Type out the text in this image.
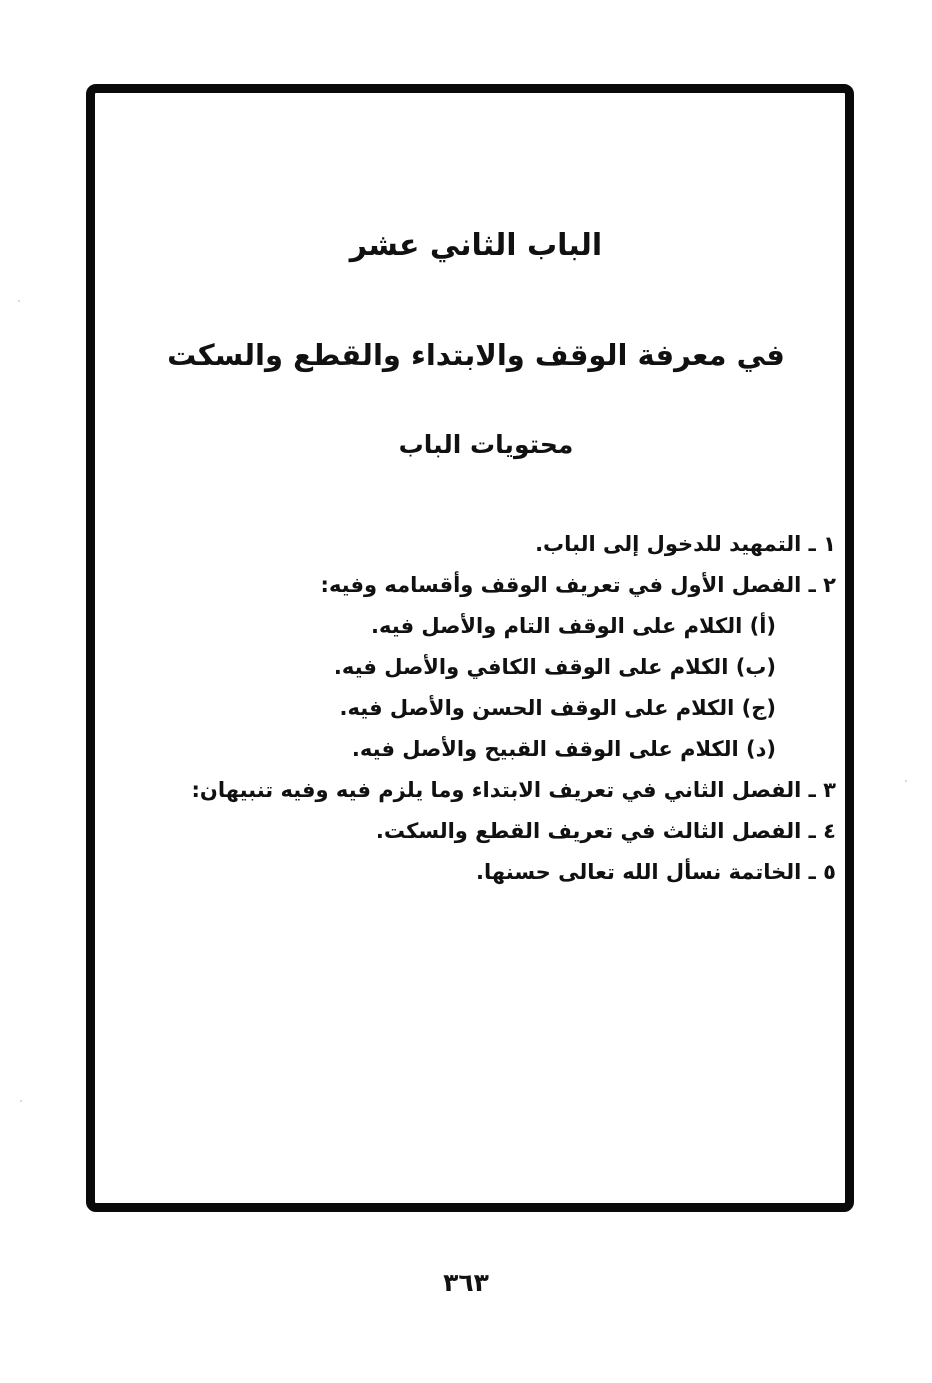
الباب الثاني عشر
في معرفة الوقف والابتداء والقطع والسكت
محتويات الباب
١ ـ التمهيد للدخول إلى الباب.
٢ ـ الفصل الأول في تعريف الوقف وأقسامه وفيه:
(أ) الكلام على الوقف التام والأصل فيه.
(ب) الكلام على الوقف الكافي والأصل فيه.
(ج) الكلام على الوقف الحسن والأصل فيه.
(د) الكلام على الوقف القبيح والأصل فيه.
٣ ـ الفصل الثاني في تعريف الابتداء وما يلزم فيه وفيه تنبيهان:
٤ ـ الفصل الثالث في تعريف القطع والسكت.
٥ ـ الخاتمة نسأل الله تعالى حسنها.
٣٦٣
